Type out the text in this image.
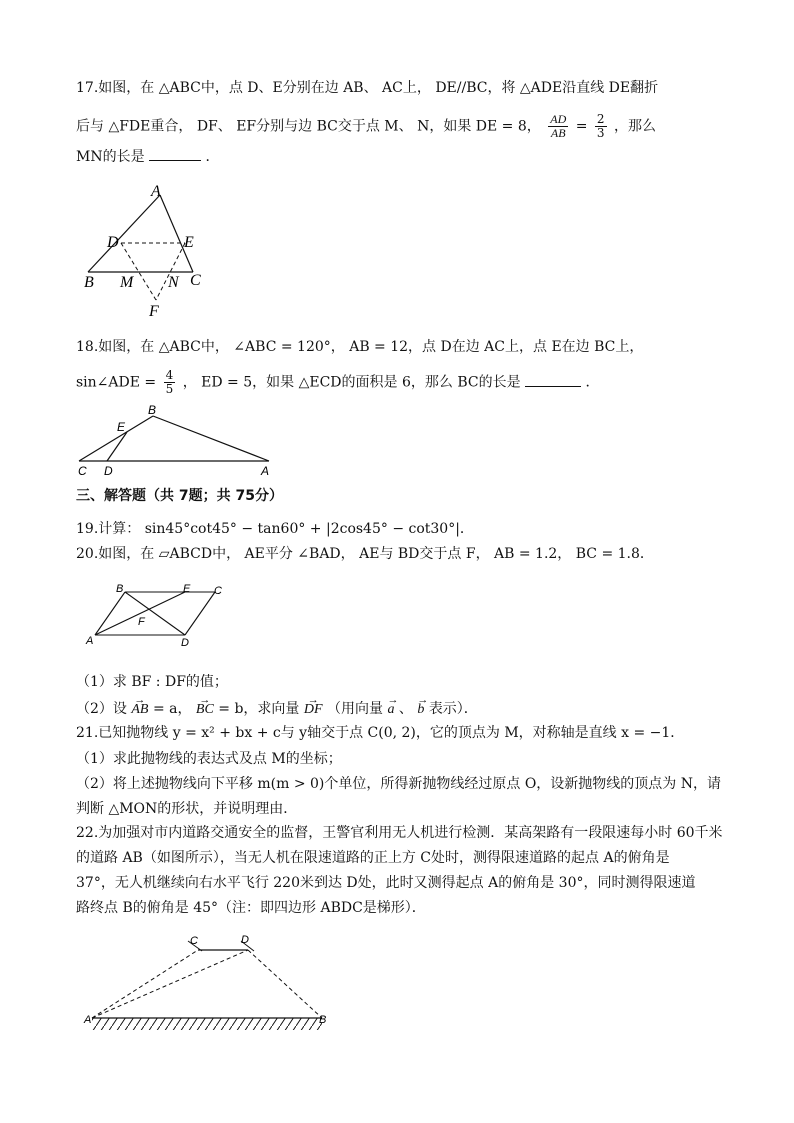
17.如图，在 △ABC中，点 D、E分别在边 AB、 AC上， DE//BC，将 △ADE沿直线 DE翻折
后与 △FDE重合， DF、 EF分别与边 BC交于点 M、 N，如果 DE = 8， $\frac{AD}{AB} = \frac{2}{3}$ ，那么
MN的长是	．
A
D	E
B M N C
F
18.如图，在 △ABC中， ∠ABC = 120°， AB = 12，点 D在边 AC上，点 E在边 BC上，
sin∠ADE = $\frac{4}{5}$ ， ED = 5，如果 △ECD的面积是 6，那么 BC的长是	．
B
E
C D	A
三、解答题（共 7题；共 75分）
19.计算： sin45°cot45° − tan60° + |2cos45° − cot30°|．
20.如图，在 ▱ABCD中， AE平分 ∠BAD， AE与 BD交于点 F， AB = 1.2， BC = 1.8．
B	E C
F
A	D
（1）求 BF : DF的值；
（2）设 → AB = a， → BC = b，求向量 → DF （用向量 → a 、 → b 表示）．
21.已知抛物线 y = x² + bx + c与 y轴交于点 C(0, 2)，它的顶点为 M，对称轴是直线 x = −1．
（1）求此抛物线的表达式及点 M的坐标；
（2）将上述抛物线向下平移 m(m > 0)个单位，所得新抛物线经过原点 O，设新抛物线的顶点为 N，请
判断 △MON的形状，并说明理由．
22.为加强对市内道路交通安全的监督，王警官利用无人机进行检测．某高架路有一段限速每小时 60千米
的道路 AB（如图所示），当无人机在限速道路的正上方 C处时，测得限速道路的起点 A的俯角是
37°，无人机继续向右水平飞行 220米到达 D处，此时又测得起点 A的俯角是 30°，同时测得限速道
路终点 B的俯角是 45°（注：即四边形 ABDC是梯形）．
C	D
A	B
